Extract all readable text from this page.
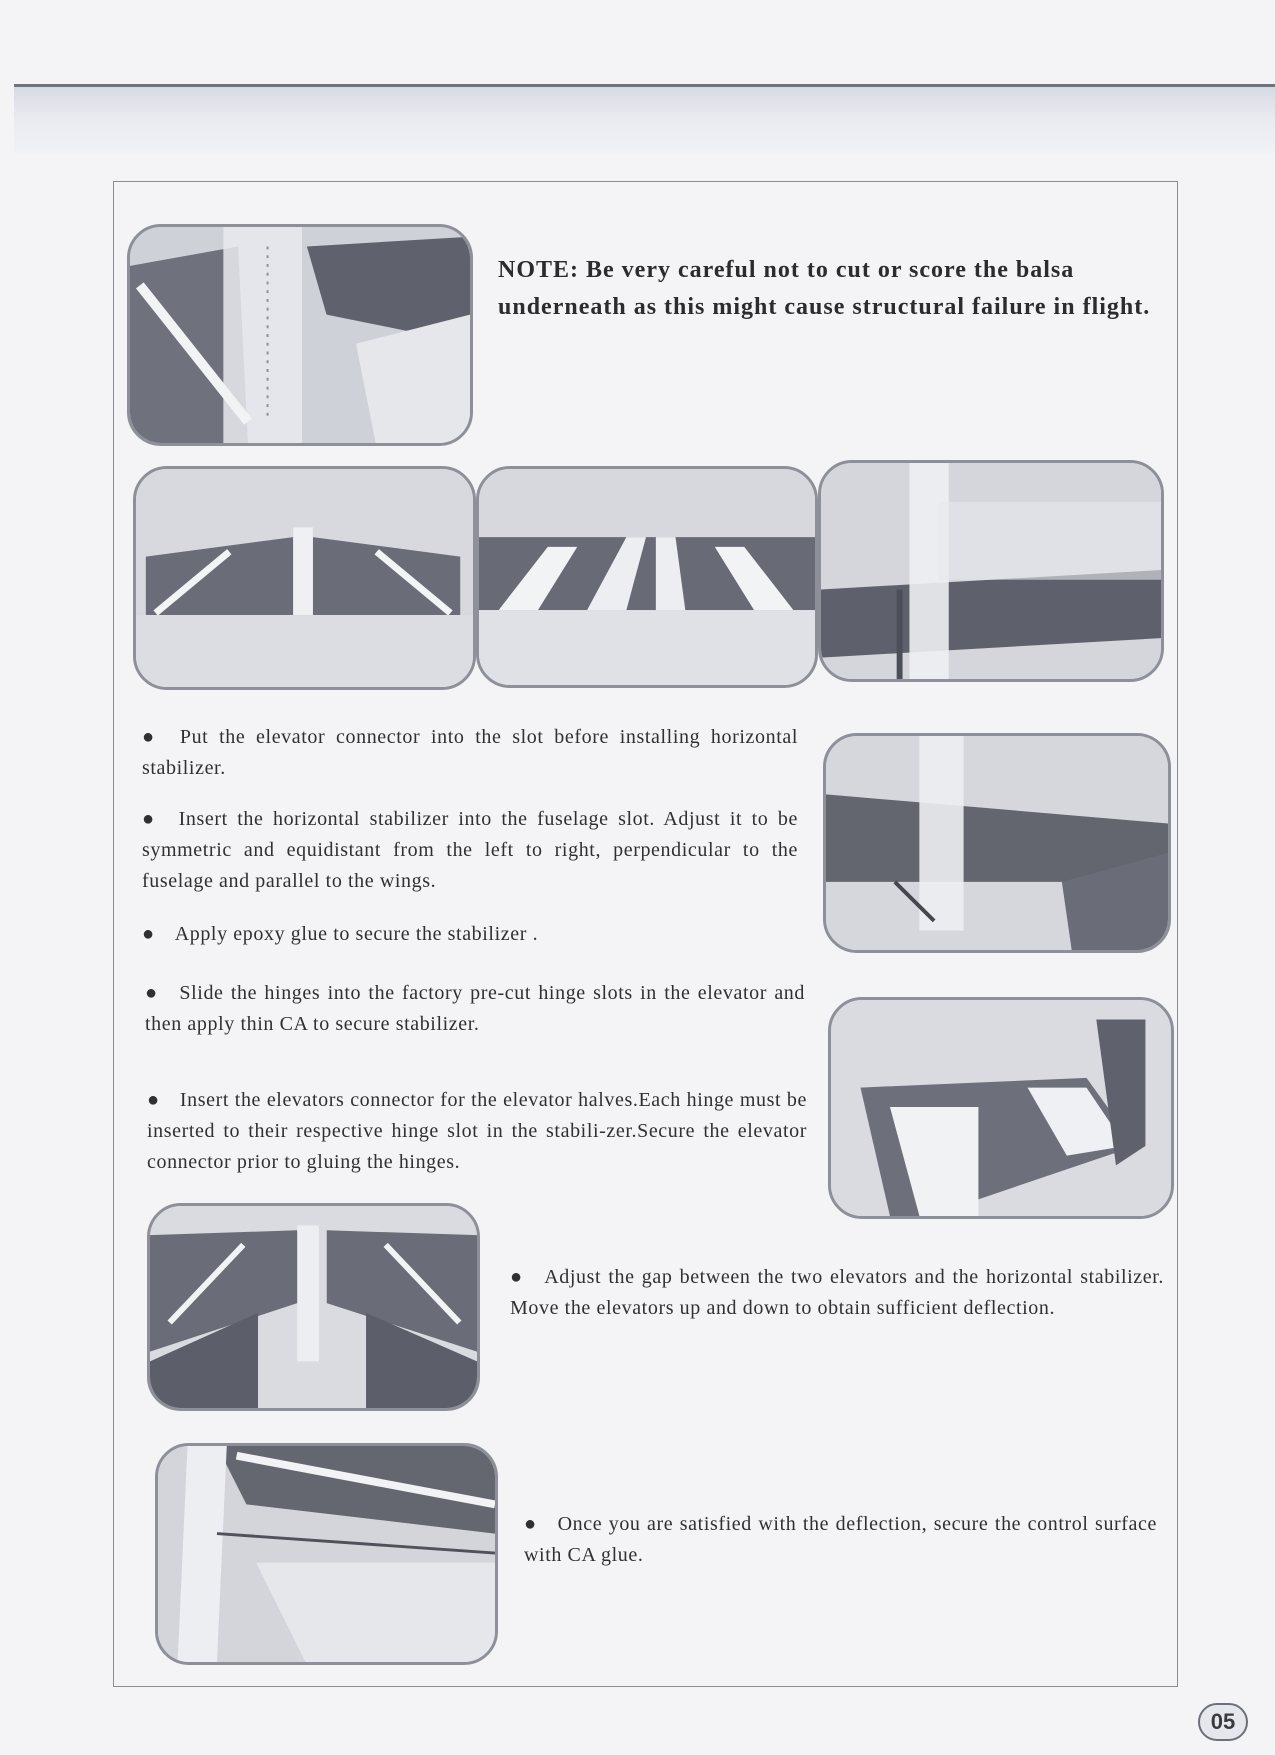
NOTE: Be very careful not to cut or score the balsa underneath as this might cause structural failure in flight.
● Put the elevator connector into the slot before installing horizontal stabilizer.
● Insert the horizontal stabilizer into the fuselage slot. Adjust it to be symmetric and equidistant from the left to right, perpendicular to the fuselage and parallel to the wings.
● Apply epoxy glue to secure the stabilizer .
● Slide the hinges into the factory pre-cut hinge slots in the elevator and then apply thin CA to secure stabilizer.
● Insert the elevators connector for the elevator halves.Each hinge must be inserted to their respective hinge slot in the stabili-zer.Secure the elevator connector prior to gluing the hinges.
● Adjust the gap between the two elevators and the horizontal stabilizer. Move the elevators up and down to obtain sufficient deflection.
● Once you are satisfied with the deflection, secure the control surface with CA glue.
05
